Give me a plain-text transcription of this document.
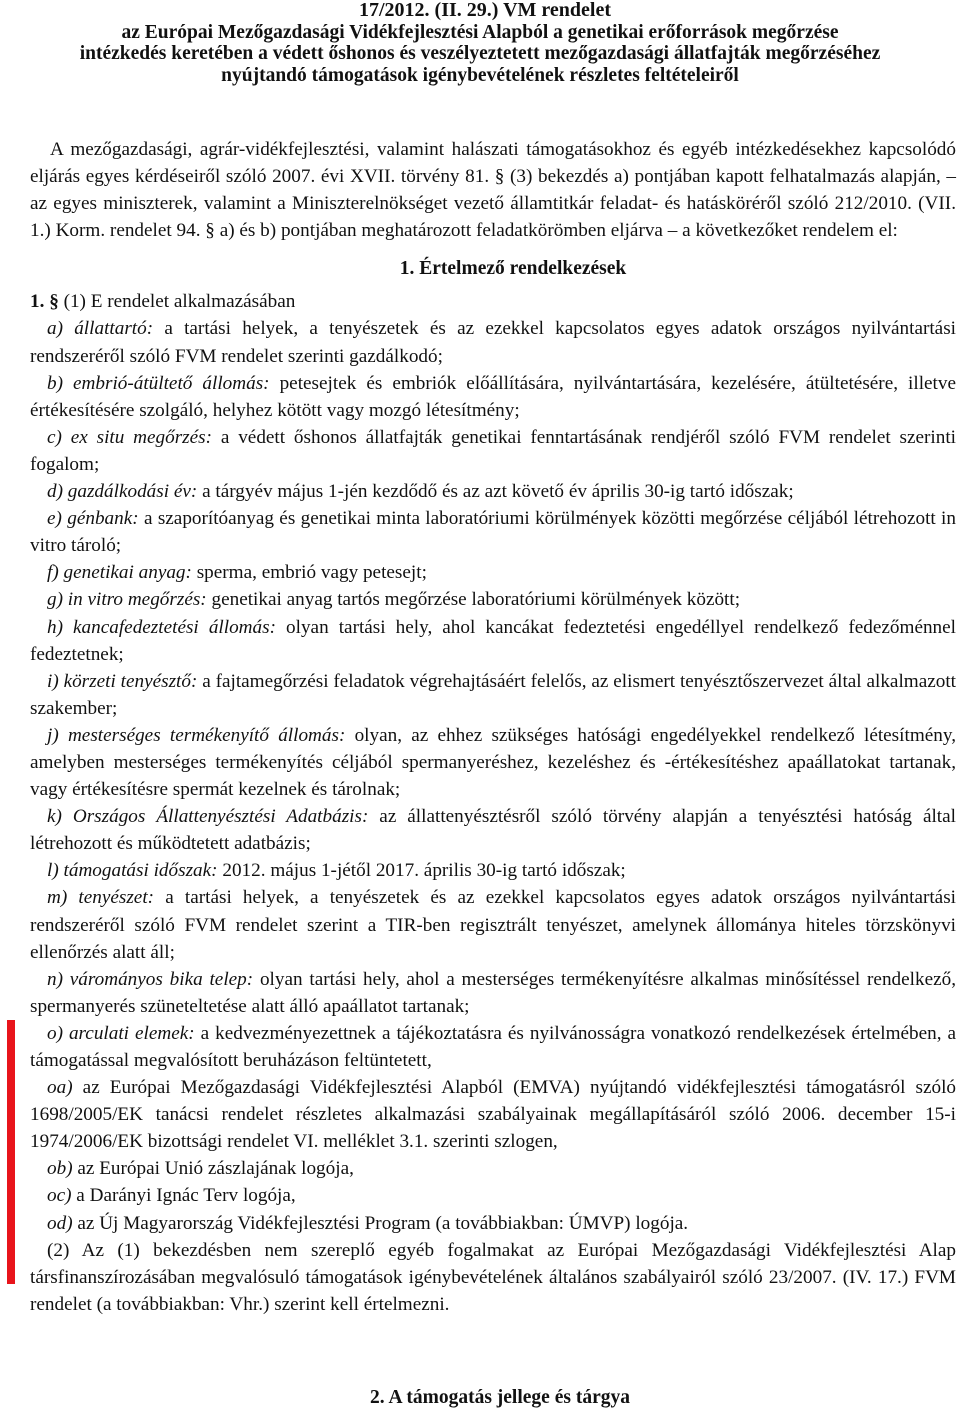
17/2012. (II. 29.) VM rendelet
az Európai Mezőgazdasági Vidékfejlesztési Alapból a genetikai erőforrások megőrzése
intézkedés keretében a védett őshonos és veszélyeztetett mezőgazdasági állatfajták megőrzéséhez
nyújtandó támogatások igénybevételének részletes feltételeiről

A mezőgazdasági, agrár-vidékfejlesztési, valamint halászati támogatásokhoz és egyéb intézkedésekhez kapcsolódó eljárás egyes kérdéseiről szóló 2007. évi XVII. törvény 81. § (3) bekezdés a) pontjában kapott felhatalmazás alapján, – az egyes miniszterek, valamint a Miniszterelnökséget vezető államtitkár feladat- és hatásköréről szóló 212/2010. (VII. 1.) Korm. rendelet 94. § a) és b) pontjában meghatározott feladatkörömben eljárva – a következőket rendelem el:

1. Értelmező rendelkezések

1. § (1) E rendelet alkalmazásában

a) állattartó: a tartási helyek, a tenyészetek és az ezekkel kapcsolatos egyes adatok országos nyilvántartási rendszeréről szóló FVM rendelet szerinti gazdálkodó;

b) embrió-átültető állomás: petesejtek és embriók előállítására, nyilvántartására, kezelésére, átültetésére, illetve értékesítésére szolgáló, helyhez kötött vagy mozgó létesítmény;

c) ex situ megőrzés: a védett őshonos állatfajták genetikai fenntartásának rendjéről szóló FVM rendelet szerinti fogalom;

d) gazdálkodási év: a tárgyév május 1-jén kezdődő és az azt követő év április 30-ig tartó időszak;

e) génbank: a szaporítóanyag és genetikai minta laboratóriumi körülmények közötti megőrzése céljából létrehozott in vitro tároló;

f) genetikai anyag: sperma, embrió vagy petesejt;

g) in vitro megőrzés: genetikai anyag tartós megőrzése laboratóriumi körülmények között;

h) kancafedeztetési állomás: olyan tartási hely, ahol kancákat fedeztetési engedéllyel rendelkező fedezőménnel fedeztetnek;

i) körzeti tenyésztő: a fajtamegőrzési feladatok végrehajtásáért felelős, az elismert tenyésztőszervezet által alkalmazott szakember;

j) mesterséges termékenyítő állomás: olyan, az ehhez szükséges hatósági engedélyekkel rendelkező létesítmény, amelyben mesterséges termékenyítés céljából spermanyeréshez, kezeléshez és -értékesítéshez apaállatokat tartanak, vagy értékesítésre spermát kezelnek és tárolnak;

k) Országos Állattenyésztési Adatbázis: az állattenyésztésről szóló törvény alapján a tenyésztési hatóság által létrehozott és működtetett adatbázis;

l) támogatási időszak: 2012. május 1-jétől 2017. április 30-ig tartó időszak;

m) tenyészet: a tartási helyek, a tenyészetek és az ezekkel kapcsolatos egyes adatok országos nyilvántartási rendszeréről szóló FVM rendelet szerint a TIR-ben regisztrált tenyészet, amelynek állománya hiteles törzskönyvi ellenőrzés alatt áll;

n) várományos bika telep: olyan tartási hely, ahol a mesterséges termékenyítésre alkalmas minősítéssel rendelkező, spermanyerés szüneteltetése alatt álló apaállatot tartanak;

o) arculati elemek: a kedvezményezettnek a tájékoztatásra és nyilvánosságra vonatkozó rendelkezések értelmében, a támogatással megvalósított beruházáson feltüntetett,

oa) az Európai Mezőgazdasági Vidékfejlesztési Alapból (EMVA) nyújtandó vidékfejlesztési támogatásról szóló 1698/2005/EK tanácsi rendelet részletes alkalmazási szabályainak megállapításáról szóló 2006. december 15-i 1974/2006/EK bizottsági rendelet VI. melléklet 3.1. szerinti szlogen,

ob) az Európai Unió zászlajának logója,

oc) a Darányi Ignác Terv logója,

od) az Új Magyarország Vidékfejlesztési Program (a továbbiakban: ÚMVP) logója.

(2) Az (1) bekezdésben nem szereplő egyéb fogalmakat az Európai Mezőgazdasági Vidékfejlesztési Alap társfinanszírozásában megvalósuló támogatások igénybevételének általános szabályairól szóló 23/2007. (IV. 17.) FVM rendelet (a továbbiakban: Vhr.) szerint kell értelmezni.

2. A támogatás jellege és tárgya
